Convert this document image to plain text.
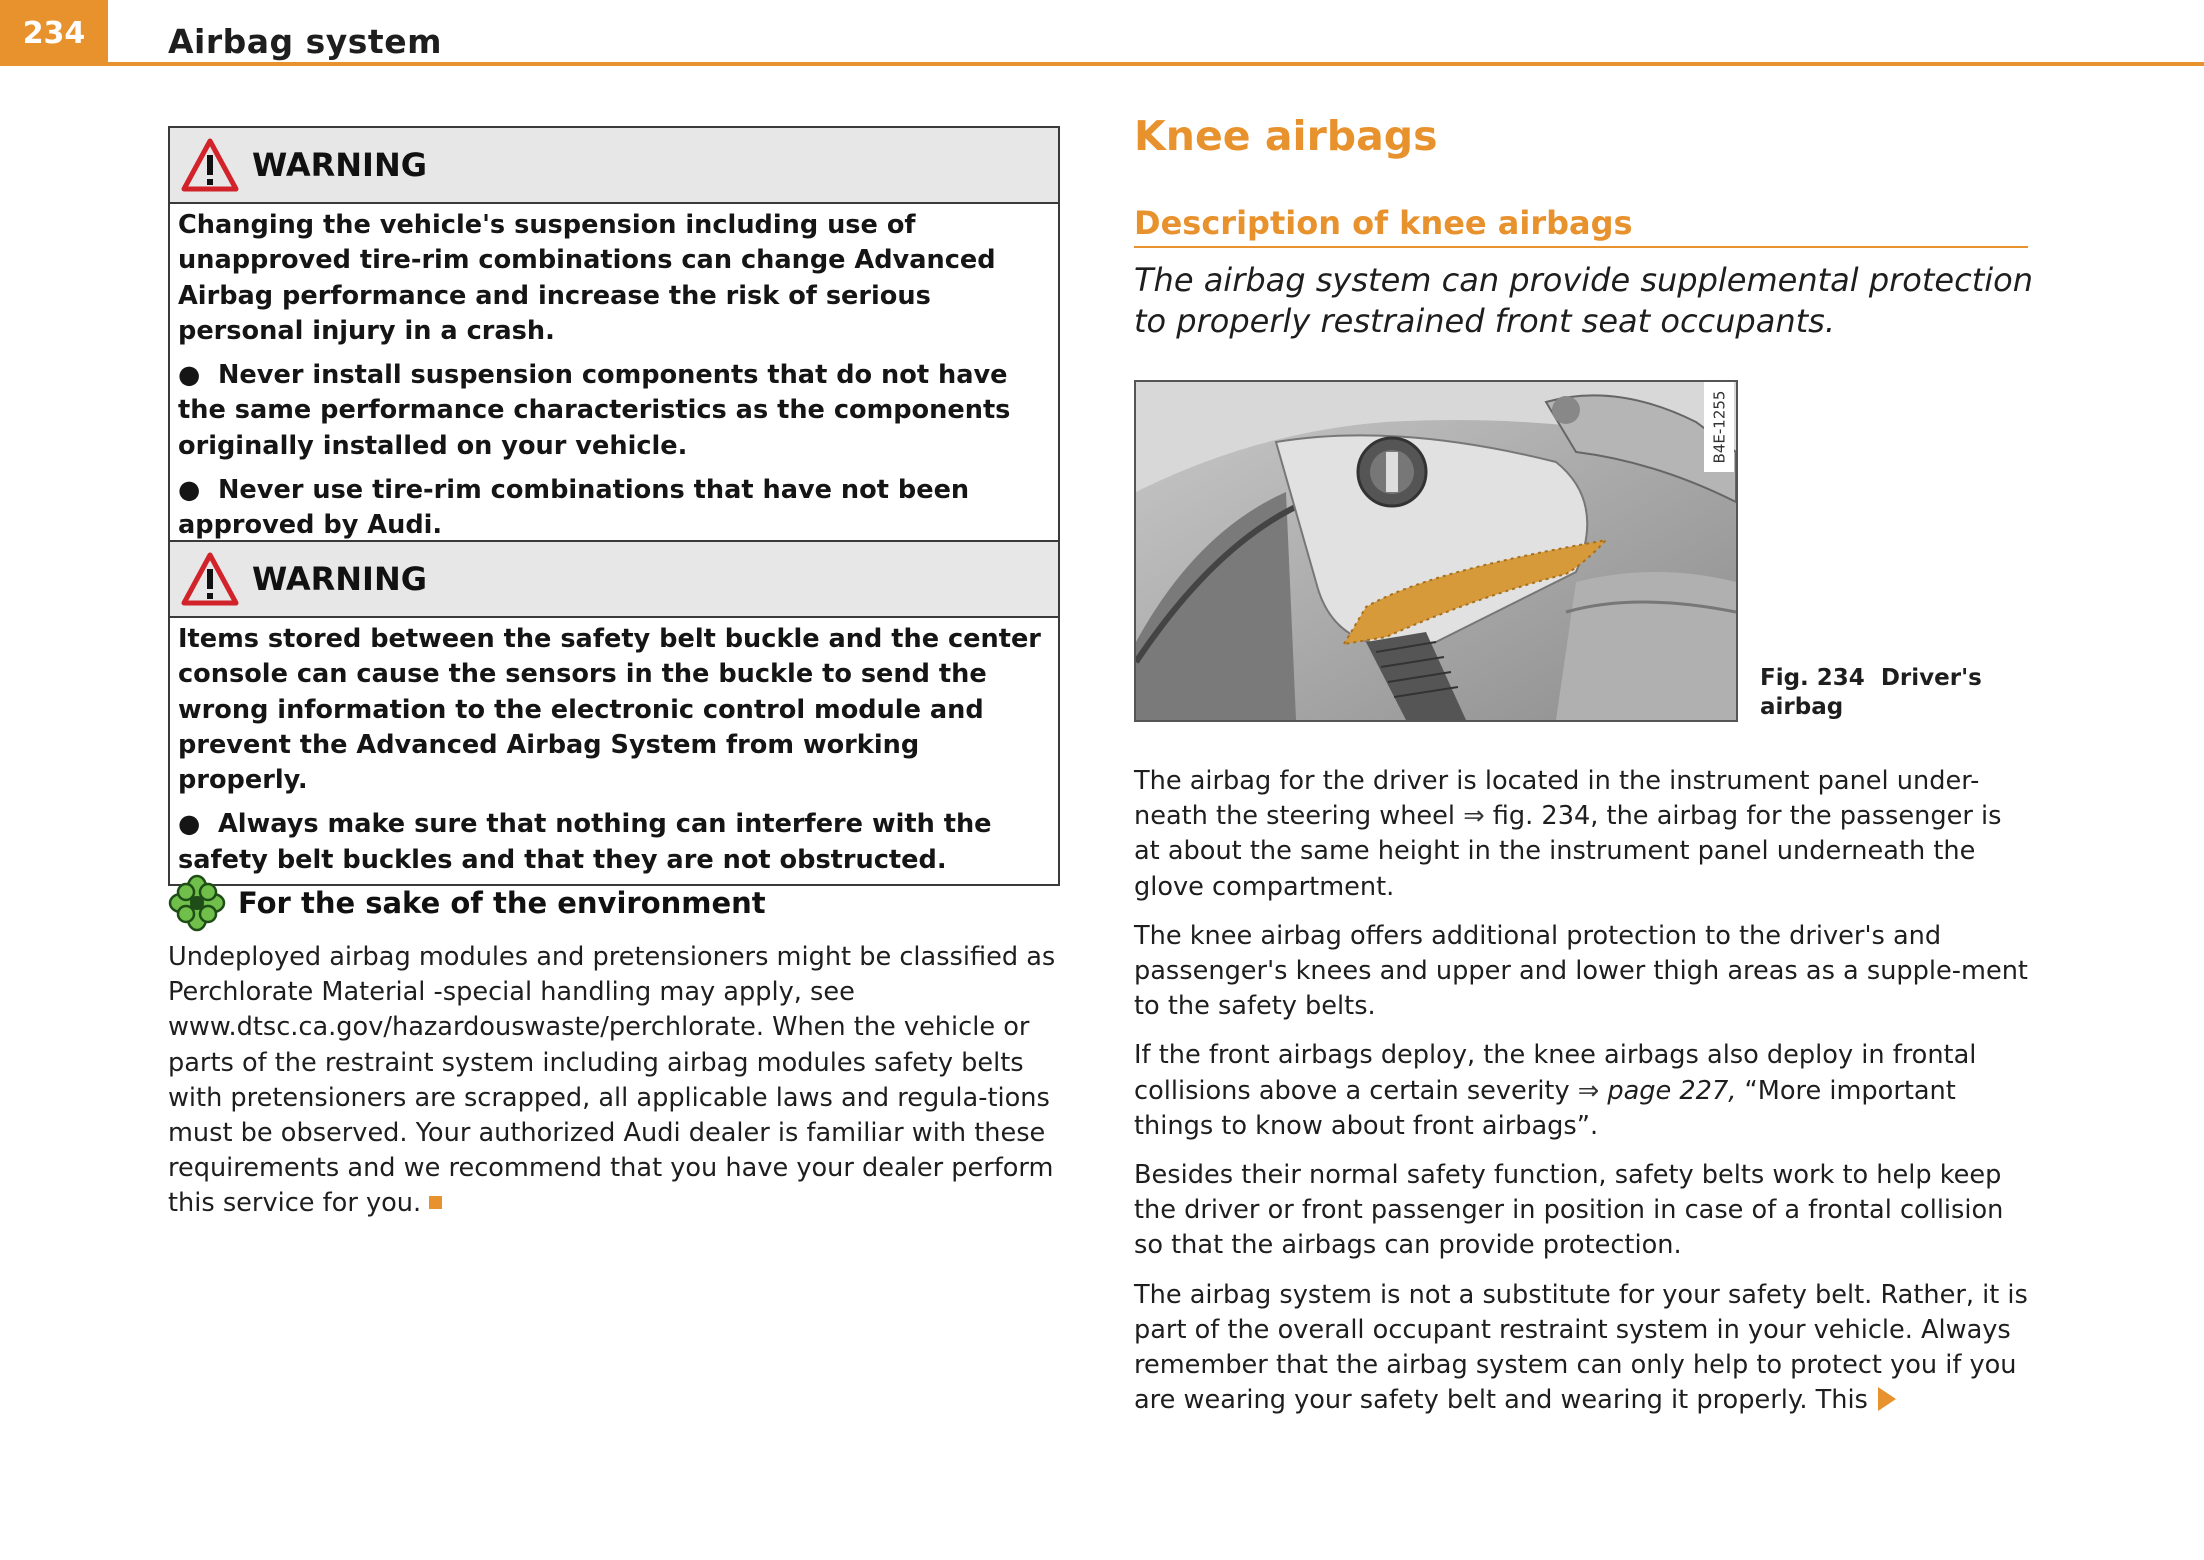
234	Airbag system
WARNING

Changing the vehicle's suspension including use of unapproved tire-rim combinations can change Advanced Airbag performance and increase the risk of serious personal injury in a crash.

● Never install suspension components that do not have the same performance characteristics as the components originally installed on your vehicle.

● Never use tire-rim combinations that have not been approved by Audi.

WARNING

Items stored between the safety belt buckle and the center console can cause the sensors in the buckle to send the wrong information to the electronic control module and prevent the Advanced Airbag System from working properly.

● Always make sure that nothing can interfere with the safety belt buckles and that they are not obstructed.

For the sake of the environment
Undeployed airbag modules and pretensioners might be classified as Perchlorate Material -special handling may apply, see www.dtsc.ca.gov/hazardouswaste/perchlorate. When the vehicle or parts of the restraint system including airbag modules safety belts with pretensioners are scrapped, all applicable laws and regula-tions must be observed. Your authorized Audi dealer is familiar with these requirements and we recommend that you have your dealer perform this service for you.
Knee airbags
Description of knee airbags
The airbag system can provide supplemental protection to properly restrained front seat occupants.
B4E-1255
Fig. 234 Driver's airbag

The airbag for the driver is located in the instrument panel under-neath the steering wheel ⇒ fig. 234, the airbag for the passenger is at about the same height in the instrument panel underneath the glove compartment.

The knee airbag offers additional protection to the driver's and passenger's knees and upper and lower thigh areas as a supple-ment to the safety belts.

If the front airbags deploy, the knee airbags also deploy in frontal collisions above a certain severity ⇒ page 227, “More important things to know about front airbags”.

Besides their normal safety function, safety belts work to help keep the driver or front passenger in position in case of a frontal collision so that the airbags can provide protection.

The airbag system is not a substitute for your safety belt. Rather, it is part of the overall occupant restraint system in your vehicle. Always remember that the airbag system can only help to protect you if you are wearing your safety belt and wearing it properly. This
